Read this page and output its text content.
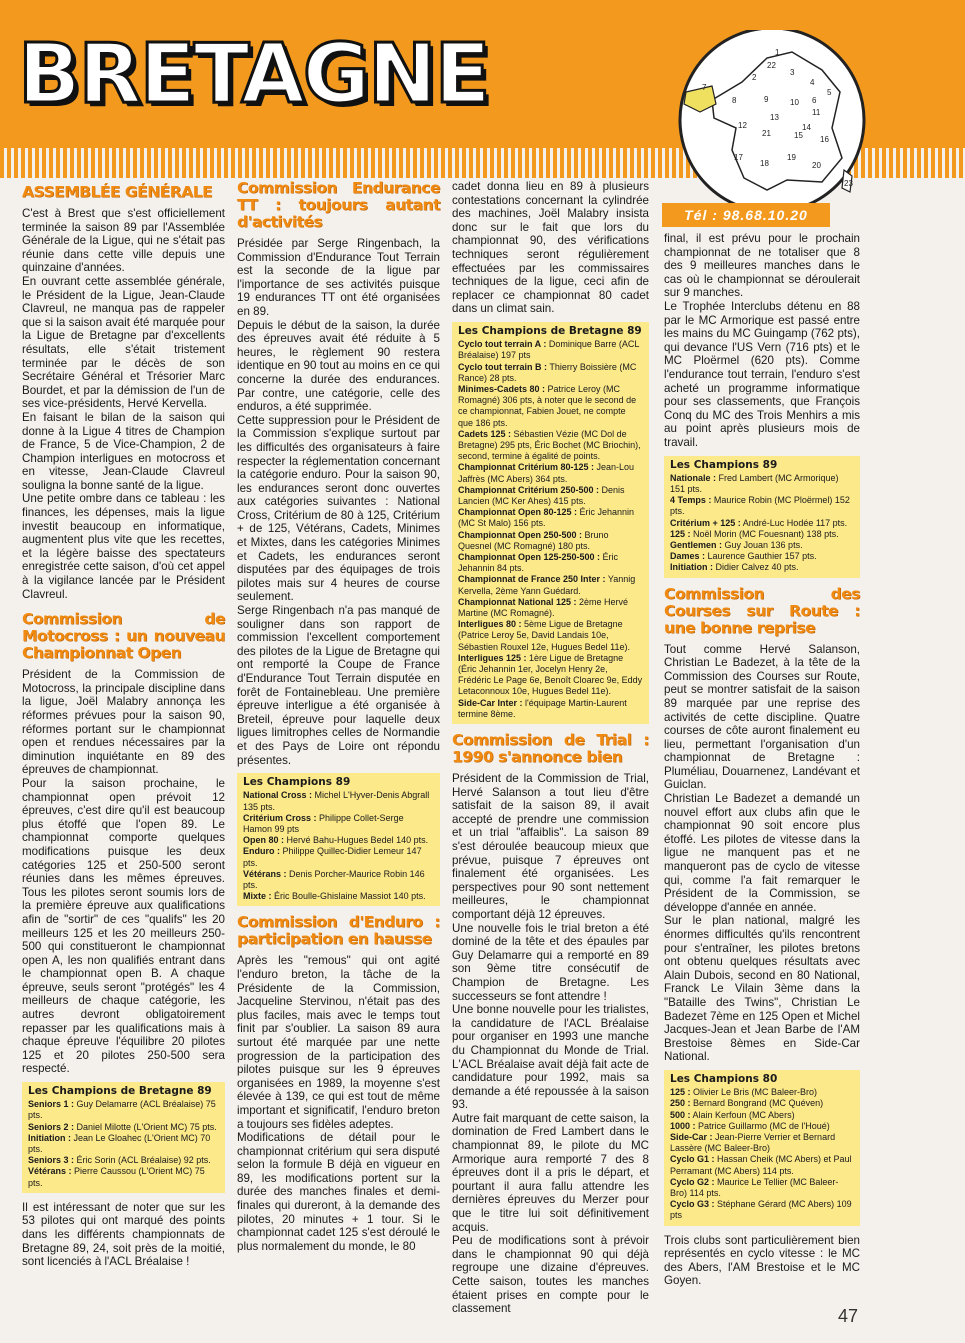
BRETAGNE	1
22
2
3
4
5
6
7
8	9	10
11
12
13
14
15 16
21
17
18
19
20
23
Tél : 98.68.10.20
ASSEMBLÉE GÉNÉRALE

C'est à Brest que s'est officiellement terminée la saison 89 par l'Assemblée Générale de la Ligue, qui ne s'était pas réunie dans cette ville depuis une quinzaine d'années.

En ouvrant cette assemblée générale, le Président de la Ligue, Jean-Claude Clavreul, ne manqua pas de rappeler que si la saison avait été marquée pour la Ligue de Bretagne par d'excellents résultats, elle s'était tristement terminée par le décès de son Secrétaire Général et Trésorier Marc Bourdet, et par la démission de l'un de ses vice-présidents, Hervé Kervella.

En faisant le bilan de la saison qui donne à la Ligue 4 titres de Champion de France, 5 de Vice-Champion, 2 de Champion interligues en motocross et en vitesse, Jean-Claude Clavreul souligna la bonne santé de la ligue.

Une petite ombre dans ce tableau : les finances, les dépenses, mais la ligue investit beaucoup en informatique, augmentent plus vite que les recettes, et la légère baisse des spectateurs enregistrée cette saison, d'où cet appel à la vigilance lancée par le Président Clavreul.

Commission de Motocross : un nouveau Championnat Open

Président de la Commission de Motocross, la principale discipline dans la ligue, Joël Malabry annonça les réformes prévues pour la saison 90, réformes portant sur le championnat open et rendues nécessaires par la diminution inquiétante en 89 des épreuves de championnat.

Pour la saison prochaine, le championnat open prévoit 12 épreuves, c'est dire qu'il est beaucoup plus étoffé que l'open 89. Le championnat comporte quelques modifications puisque les deux catégories 125 et 250-500 seront réunies dans les mêmes épreuves. Tous les pilotes seront soumis lors de la première épreuve aux qualifications afin de "sortir" de ces "qualifs" les 20 meilleurs 125 et les 20 meilleurs 250-500 qui constitueront le championnat open A, les non qualifiés entrant dans le championnat open B. A chaque épreuve, seuls seront "protégés" les 4 meilleurs de chaque catégorie, les autres devront obligatoirement repasser par les qualifications mais à chaque épreuve l'équilibre 20 pilotes 125 et 20 pilotes 250-500 sera respecté.

Les Champions de Bretagne 89
Seniors 1 : Guy Delamarre (ACL Bréalaise) 75 pts.
Seniors 2 : Daniel Milotte (L'Orient MC) 75 pts.
Initiation : Jean Le Gloahec (L'Orient MC) 70 pts.
Seniors 3 : Éric Sorin (ACL Bréalaise) 92 pts.
Vétérans : Pierre Caussou (L'Orient MC) 75 pts.

Il est intéressant de noter que sur les 53 pilotes qui ont marqué des points dans les différents championnats de Bretagne 89, 24, soit près de la moitié, sont licenciés à l'ACL Bréalaise !

Commission Endurance TT : toujours autant d'activités

Présidée par Serge Ringenbach, la Commission d'Endurance Tout Terrain est la seconde de la ligue par l'importance de ses activités puisque 19 endurances TT ont été organisées en 89.

Depuis le début de la saison, la durée des épreuves avait été réduite à 5 heures, le règlement 90 restera identique en 90 tout au moins en ce qui concerne la durée des endurances. Par contre, une catégorie, celle des enduros, a été supprimée.

Cette suppression pour le Président de la Commission s'explique surtout par les difficultés des organisateurs à faire respecter la réglementation concernant la catégorie enduro. Pour la saison 90, les endurances seront donc ouvertes aux catégories suivantes : National Cross, Critérium de 80 à 125, Critérium + de 125, Vétérans, Cadets, Minimes et Mixtes, dans les catégories Minimes et Cadets, les endurances seront disputées par des équipages de trois pilotes mais sur 4 heures de course seulement.

Serge Ringenbach n'a pas manqué de souligner dans son rapport de commission l'excellent comportement des pilotes de la Ligue de Bretagne qui ont remporté la Coupe de France d'Endurance Tout Terrain disputée en forêt de Fontainebleau. Une première épreuve interligue a été organisée à Breteil, épreuve pour laquelle deux ligues limitrophes celles de Normandie et des Pays de Loire ont répondu présentes.

Les Champions 89
National Cross : Michel L'Hyver-Denis Abgrall 135 pts.
Critérium Cross : Philippe Collet-Serge Hamon 99 pts
Open 80 : Hervé Bahu-Hugues Bedel 140 pts.
Enduro : Philippe Quillec-Didier Lemeur 147 pts.
Vétérans : Denis Porcher-Maurice Robin 146 pts.
Mixte : Éric Boulle-Ghislaine Massiot 140 pts.
Commission d'Enduro : participation en hausse

Après les "remous" qui ont agité l'enduro breton, la tâche de la Présidente de la Commission, Jacqueline Stervinou, n'était pas des plus faciles, mais avec le temps tout finit par s'oublier. La saison 89 aura surtout été marquée par une nette progression de la participation des pilotes puisque sur les 9 épreuves organisées en 1989, la moyenne s'est élevée à 139, ce qui est tout de même important et significatif, l'enduro breton a toujours ses fidèles adeptes.

Modifications de détail pour le championnat critérium qui sera disputé selon la formule B déjà en vigueur en 89, les modifications portent sur la durée des manches finales et demi-finales qui dureront, à la demande des pilotes, 20 minutes + 1 tour. Si le championnat cadet 125 s'est déroulé le plus normalement du monde, le 80

cadet donna lieu en 89 à plusieurs contestations concernant la cylindrée des machines, Joël Malabry insista donc sur le fait que lors du championnat 90, des vérifications techniques seront régulièrement effectuées par les commissaires techniques de la ligue, ceci afin de replacer ce championnat 80 cadet dans un climat sain.

Les Champions de Bretagne 89
Cyclo tout terrain A : Dominique Barre (ACL Bréalaise) 197 pts
Cyclo tout terrain B : Thierry Boissière (MC Rance) 28 pts.
Minimes-Cadets 80 : Patrice Leroy (MC Romagné) 306 pts, à noter que le second de ce championnat, Fabien Jouet, ne compte que 186 pts.
Cadets 125 : Sébastien Vézie (MC Dol de Bretagne) 295 pts, Éric Bochet (MC Briochin), second, termine à égalité de points.
Championnat Critérium 80-125 : Jean-Lou Jaffrès (MC Abers) 364 pts.
Championnat Critérium 250-500 : Denis Lancien (MC Ker Ahes) 415 pts.
Championnat Open 80-125 : Éric Jehannin (MC St Malo) 156 pts.
Championnat Open 250-500 : Bruno Quesnel (MC Romagné) 180 pts.
Championnat Open 125-250-500 : Éric Jehannin 84 pts.
Championnat de France 250 Inter : Yannig Kervella, 2ème Yann Guédard.
Championnat National 125 : 2ème Hervé Martine (MC Romagné).
Interligues 80 : 5ème Ligue de Bretagne (Patrice Leroy 5e, David Landais 10e, Sébastien Rouxel 12e, Hugues Bedel 11e).
Interligues 125 : 1ère Ligue de Bretagne (Éric Jehannin 1er, Jocelyn Henry 2e, Frédéric Le Page 6e, Benoît Cloarec 9e, Eddy Letaconnoux 10e, Hugues Bedel 11e).
Side-Car Inter : l'équipage Martin-Laurent termine 8ème.
Commission de Trial : 1990 s'annonce bien

Président de la Commission de Trial, Hervé Salanson a tout lieu d'être satisfait de la saison 89, il avait accepté de prendre une commission et un trial "affaiblis". La saison 89 s'est déroulée beaucoup mieux que prévue, puisque 7 épreuves ont finalement été organisées. Les perspectives pour 90 sont nettement meilleures, le championnat comportant déjà 12 épreuves.

Une nouvelle fois le trial breton a été dominé de la tête et des épaules par Guy Delamarre qui a remporté en 89 son 9ème titre consécutif de Champion de Bretagne. Les successeurs se font attendre !

Une bonne nouvelle pour les trialistes, la candidature de l'ACL Bréalaise pour organiser en 1993 une manche du Championnat du Monde de Trial. L'ACL Bréalaise avait déjà fait acte de candidature pour 1992, mais sa demande a été repoussée à la saison 93.

Autre fait marquant de cette saison, la domination de Fred Lambert dans le championnat 89, le pilote du MC Armorique aura remporté 7 des 8 épreuves dont il a pris le départ, et pourtant il aura fallu attendre les dernières épreuves du Merzer pour que le titre lui soit définitivement acquis.

Peu de modifications sont à prévoir dans le championnat 90 qui déjà regroupe une dizaine d'épreuves. Cette saison, toutes les manches étaient prises en compte pour le classement

final, il est prévu pour le prochain championnat de ne totaliser que 8 des 9 meilleures manches dans le cas où le championnat se déroulerait sur 9 manches.

Le Trophée Interclubs détenu en 88 par le MC Armorique est passé entre les mains du MC Guingamp (762 pts), qui devance l'US Vern (716 pts) et le MC Ploërmel (620 pts). Comme l'endurance tout terrain, l'enduro s'est acheté un programme informatique pour ses classements, que François Conq du MC des Trois Menhirs a mis au point après plusieurs mois de travail.

Les Champions 89
Nationale : Fred Lambert (MC Armorique) 151 pts.
4 Temps : Maurice Robin (MC Ploërmel) 152 pts.
Critérium + 125 : André-Luc Hodée 117 pts.
125 : Noël Morin (MC Fouesnant) 138 pts.
Gentlemen : Guy Jouan 136 pts.
Dames : Laurence Gauthier 157 pts.
Initiation : Didier Calvez 40 pts.
Commission des Courses sur Route : une bonne reprise

Tout comme Hervé Salanson, Christian Le Badezet, à la tête de la Commission des Courses sur Route, peut se montrer satisfait de la saison 89 marquée par une reprise des activités de cette discipline. Quatre courses de côte auront finalement eu lieu, permettant l'organisation d'un championnat de Bretagne : Pluméliau, Douarnenez, Landévant et Guiclan.

Christian Le Badezet a demandé un nouvel effort aux clubs afin que le championnat 90 soit encore plus étoffé. Les pilotes de vitesse dans la ligue ne manquent pas et ne manqueront pas de cyclo de vitesse qui, comme l'a fait remarquer le Président de la Commission, se développe d'année en année.

Sur le plan national, malgré les énormes difficultés qu'ils rencontrent pour s'entraîner, les pilotes bretons ont obtenu quelques résultats avec Alain Dubois, second en 80 National, Franck Le Vilain 3ème dans la "Bataille des Twins", Christian Le Badezet 7ème en 125 Open et Michel Jacques-Jean et Jean Barbe de l'AM Brestoise 8èmes en Side-Car National.

Les Champions 80
125 : Olivier Le Bris (MC Baleer-Bro)
250 : Bernard Bongrand (MC Quéven)
500 : Alain Kerfoun (MC Abers)
1000 : Patrice Guillarmo (MC de l'Houé)
Side-Car : Jean-Pierre Verrier et Bernard Lassère (MC Baleer-Bro)
Cyclo G1 : Hassan Cheik (MC Abers) et Paul Perramant (MC Abers) 114 pts.
Cyclo G2 : Maurice Le Tellier (MC Baleer-Bro) 114 pts.
Cyclo G3 : Stéphane Gérard (MC Abers) 109 pts

Trois clubs sont particulièrement bien représentés en cyclo vitesse : le MC des Abers, l'AM Brestoise et le MC Goyen.

47
